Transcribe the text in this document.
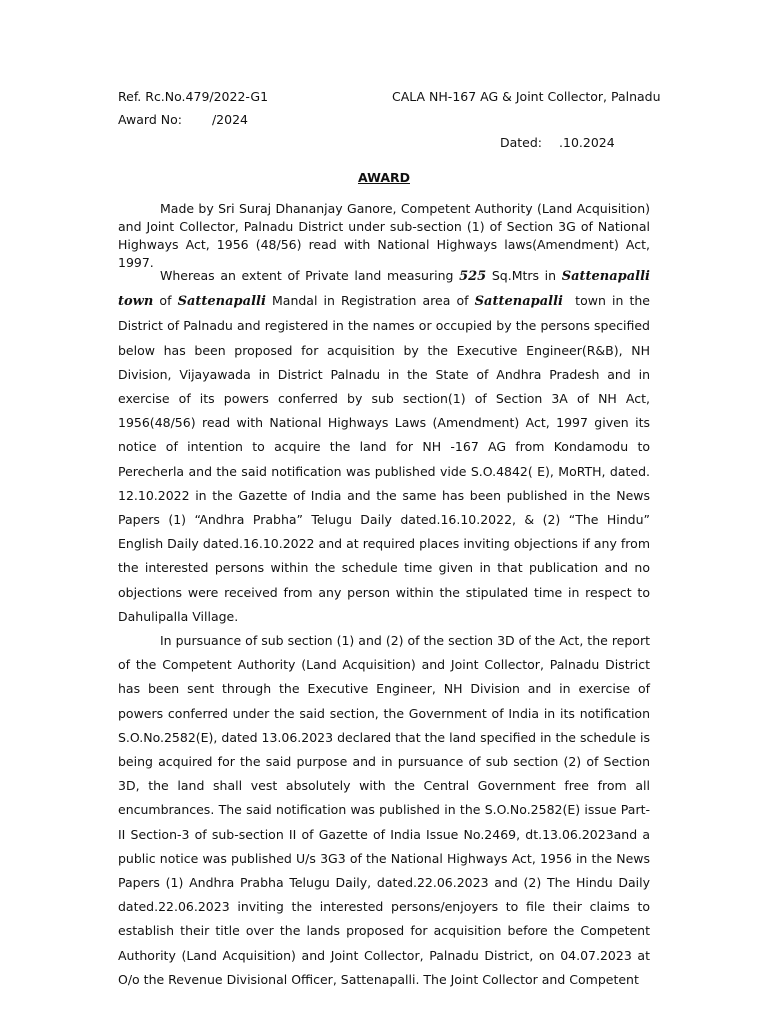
Ref. Rc.No.479/2022-G1	CALA NH-167 AG & Joint Collector, Palnadu
Award No: /2024
Dated: .10.2024
AWARD

Made by Sri Suraj Dhananjay Ganore, Competent Authority (Land Acquisition) and Joint Collector, Palnadu District under sub-section (1) of Section 3G of National Highways Act, 1956 (48/56) read with National Highways laws(Amendment) Act, 1997.

Whereas an extent of Private land measuring 525 Sq.Mtrs in Sattenapalli town of Sattenapalli Mandal in Registration area of Sattenapalli  town in the District of Palnadu and registered in the names or occupied by the persons specified below has been proposed for acquisition by the Executive Engineer(R&B), NH Division, Vijayawada in District Palnadu in the State of Andhra Pradesh and in exercise of its powers conferred by sub section(1) of Section 3A of NH Act, 1956(48/56) read with National Highways Laws (Amendment) Act, 1997 given its notice of intention to acquire the land for NH -167 AG from Kondamodu to Perecherla and the said notification was published vide S.O.4842( E), MoRTH, dated. 12.10.2022 in the Gazette of India and the same has been published in the News Papers (1) “Andhra Prabha” Telugu Daily dated.16.10.2022, & (2) “The Hindu” English Daily dated.16.10.2022 and at required places inviting objections if any from the interested persons within the schedule time given in that publication and no objections were received from any person within the stipulated time in respect to Dahulipalla Village.

In pursuance of sub section (1) and (2) of the section 3D of the Act, the report of the Competent Authority (Land Acquisition) and Joint Collector, Palnadu District has been sent through the Executive Engineer, NH Division and in exercise of powers conferred under the said section, the Government of India in its notification S.O.No.2582(E), dated 13.06.2023 declared that the land specified in the schedule is being acquired for the said purpose and in pursuance of sub section (2) of Section 3D, the land shall vest absolutely with the Central Government free from all encumbrances. The said notification was published in the S.O.No.2582(E) issue Part-II Section-3 of sub-section II of Gazette of India Issue No.2469, dt.13.06.2023and a public notice was published U/s 3G3 of the National Highways Act, 1956 in the News Papers (1) Andhra Prabha Telugu Daily, dated.22.06.2023 and (2) The Hindu Daily dated.22.06.2023 inviting the interested persons/enjoyers to file their claims to establish their title over the lands proposed for acquisition before the Competent Authority (Land Acquisition) and Joint Collector, Palnadu District, on 04.07.2023 at O/o the Revenue Divisional Officer, Sattenapalli. The Joint Collector and Competent
